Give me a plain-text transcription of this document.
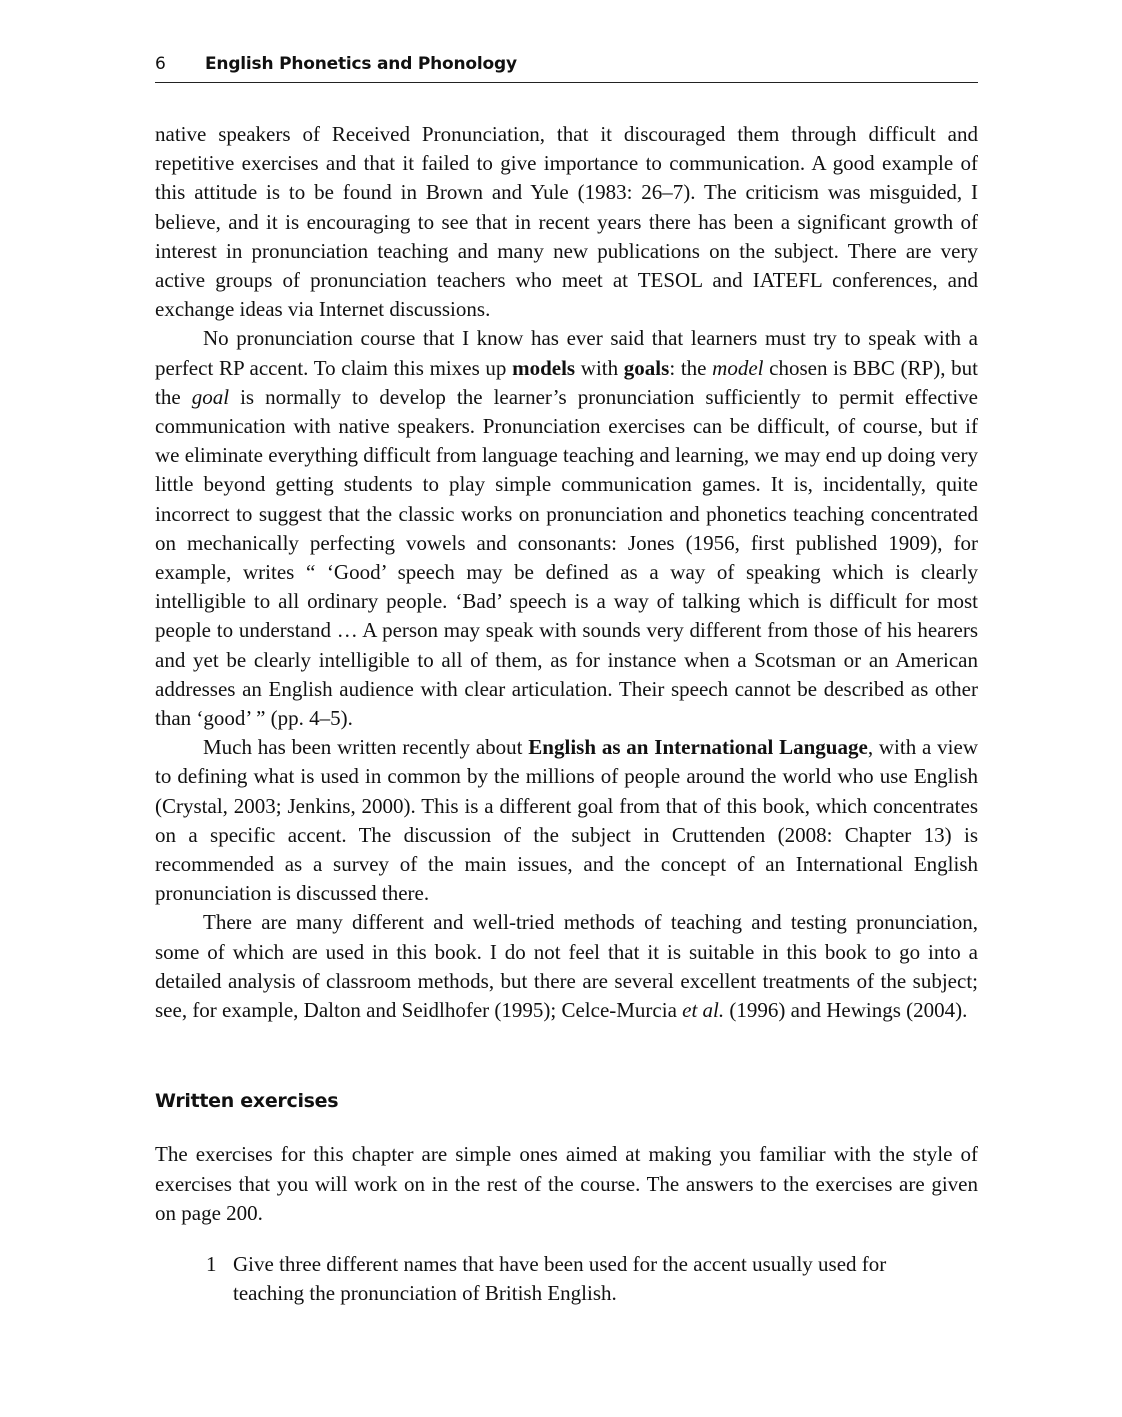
6 English Phonetics and Phonology

native speakers of Received Pronunciation, that it discouraged them through difficult and repetitive exercises and that it failed to give importance to communication. A good example of this attitude is to be found in Brown and Yule (1983: 26–7). The criticism was misguided, I believe, and it is encouraging to see that in recent years there has been a significant growth of interest in pronunciation teaching and many new publications on the subject. There are very active groups of pronunciation teachers who meet at TESOL and IATEFL conferences, and exchange ideas via Internet discussions.

No pronunciation course that I know has ever said that learners must try to speak with a perfect RP accent. To claim this mixes up models with goals: the model chosen is BBC (RP), but the goal is normally to develop the learner’s pronunciation sufficiently to permit effective communication with native speakers. Pronunciation exercises can be difficult, of course, but if we eliminate everything difficult from language teaching and learning, we may end up doing very little beyond getting students to play simple communication games. It is, incidentally, quite incorrect to suggest that the classic works on pronunciation and phonetics teaching concentrated on mechanically perfecting vowels and consonants: Jones (1956, first published 1909), for example, writes “ ‘Good’ speech may be defined as a way of speaking which is clearly intelligible to all ordinary people. ‘Bad’ speech is a way of talking which is difficult for most people to understand … A person may speak with sounds very different from those of his hearers and yet be clearly intelligible to all of them, as for instance when a Scotsman or an American addresses an English audience with clear articulation. Their speech cannot be described as other than ‘good’ ” (pp. 4–5).

Much has been written recently about English as an International Language, with a view to defining what is used in common by the millions of people around the world who use English (Crystal, 2003; Jenkins, 2000). This is a different goal from that of this book, which concentrates on a specific accent. The discussion of the subject in Cruttenden (2008: Chapter 13) is recommended as a survey of the main issues, and the concept of an International English pronunciation is discussed there.

There are many different and well-tried methods of teaching and testing pronunciation, some of which are used in this book. I do not feel that it is suitable in this book to go into a detailed analysis of classroom methods, but there are several excellent treatments of the subject; see, for example, Dalton and Seidlhofer (1995); Celce-Murcia et al. (1996) and Hewings (2004).

Written exercises

The exercises for this chapter are simple ones aimed at making you familiar with the style of exercises that you will work on in the rest of the course. The answers to the exercises are given on page 200.

1 Give three different names that have been used for the accent usually used for teaching the pronunciation of British English.
